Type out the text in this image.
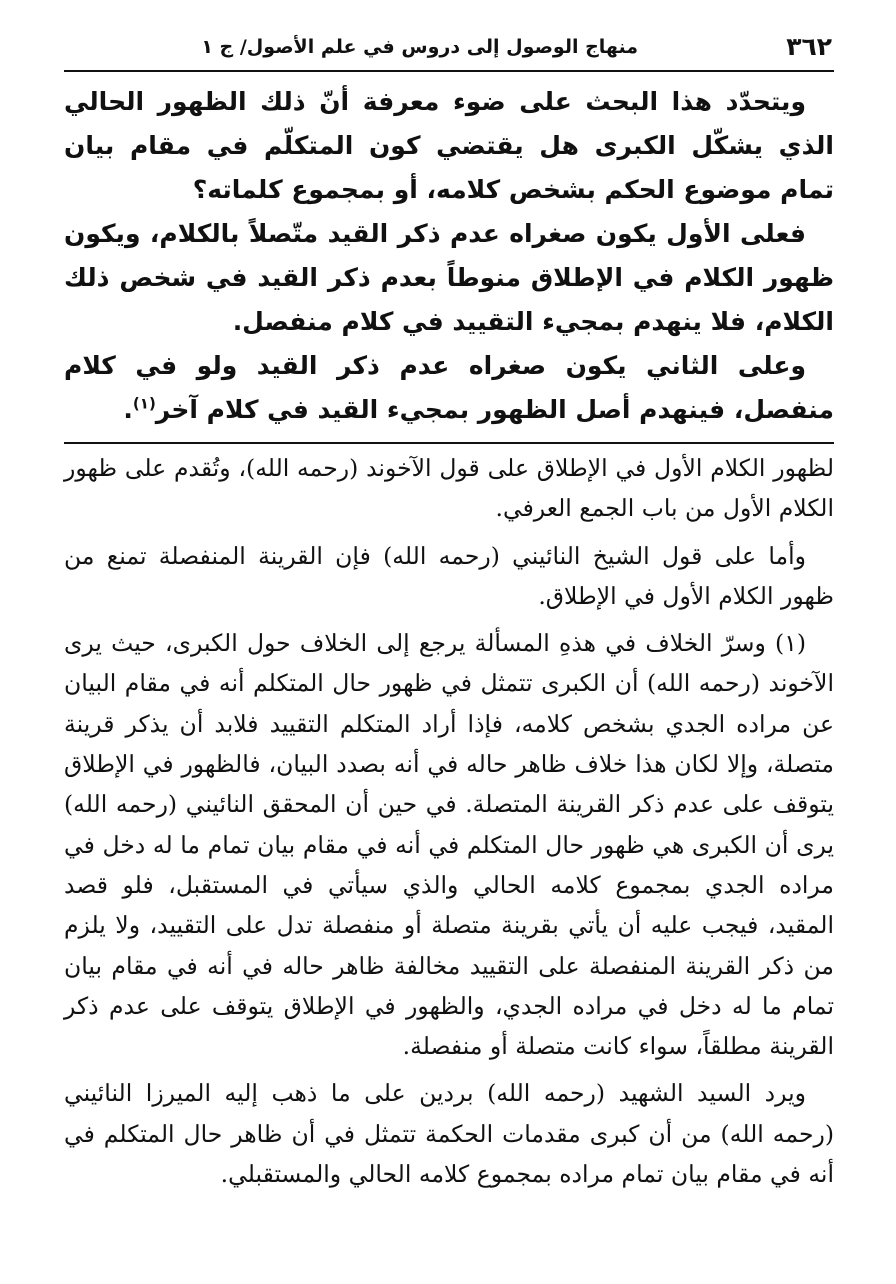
٣٦٢
منهاج الوصول إلى دروس في علم الأصول/ ج ١

ويتحدّد هذا البحث على ضوء معرفة أنّ ذلك الظهور الحالي الذي يشكّل الكبرى هل يقتضي كون المتكلّم في مقام بيان تمام موضوع الحكم بشخص كلامه، أو بمجموع كلماته؟

فعلى الأول يكون صغراه عدم ذكر القيد متّصلاً بالكلام، ويكون ظهور الكلام في الإطلاق منوطاً بعدم ذكر القيد في شخص ذلك الكلام، فلا ينهدم بمجيء التقييد في كلام منفصل.

وعلى الثاني يكون صغراه عدم ذكر القيد ولو في كلام منفصل، فينهدم أصل الظهور بمجيء القيد في كلام آخر$^{(١)}$.

لظهور الكلام الأول في الإطلاق على قول الآخوند (رحمه الله)، وتُقدم على ظهور الكلام الأول من باب الجمع العرفي.

وأما على قول الشيخ النائيني (رحمه الله) فإن القرينة المنفصلة تمنع من ظهور الكلام الأول في الإطلاق.

(١) وسرّ الخلاف في هذهِ المسألة يرجع إلى الخلاف حول الكبرى، حيث يرى الآخوند (رحمه الله) أن الكبرى تتمثل في ظهور حال المتكلم أنه في مقام البيان عن مراده الجدي بشخص كلامه، فإذا أراد المتكلم التقييد فلابد أن يذكر قرينة متصلة، وإلا لكان هذا خلاف ظاهر حاله في أنه بصدد البيان، فالظهور في الإطلاق يتوقف على عدم ذكر القرينة المتصلة. في حين أن المحقق النائيني (رحمه الله) يرى أن الكبرى هي ظهور حال المتكلم في أنه في مقام بيان تمام ما له دخل في مراده الجدي بمجموع كلامه الحالي والذي سيأتي في المستقبل، فلو قصد المقيد، فيجب عليه أن يأتي بقرينة متصلة أو منفصلة تدل على التقييد، ولا يلزم من ذكر القرينة المنفصلة على التقييد مخالفة ظاهر حاله في أنه في مقام بيان تمام ما له دخل في مراده الجدي، والظهور في الإطلاق يتوقف على عدم ذكر القرينة مطلقاً، سواء كانت متصلة أو منفصلة.

ويرد السيد الشهيد (رحمه الله) بردين على ما ذهب إليه الميرزا النائيني (رحمه الله) من أن كبرى مقدمات الحكمة تتمثل في أن ظاهر حال المتكلم في أنه في مقام بيان تمام مراده بمجموع كلامه الحالي والمستقبلي.
